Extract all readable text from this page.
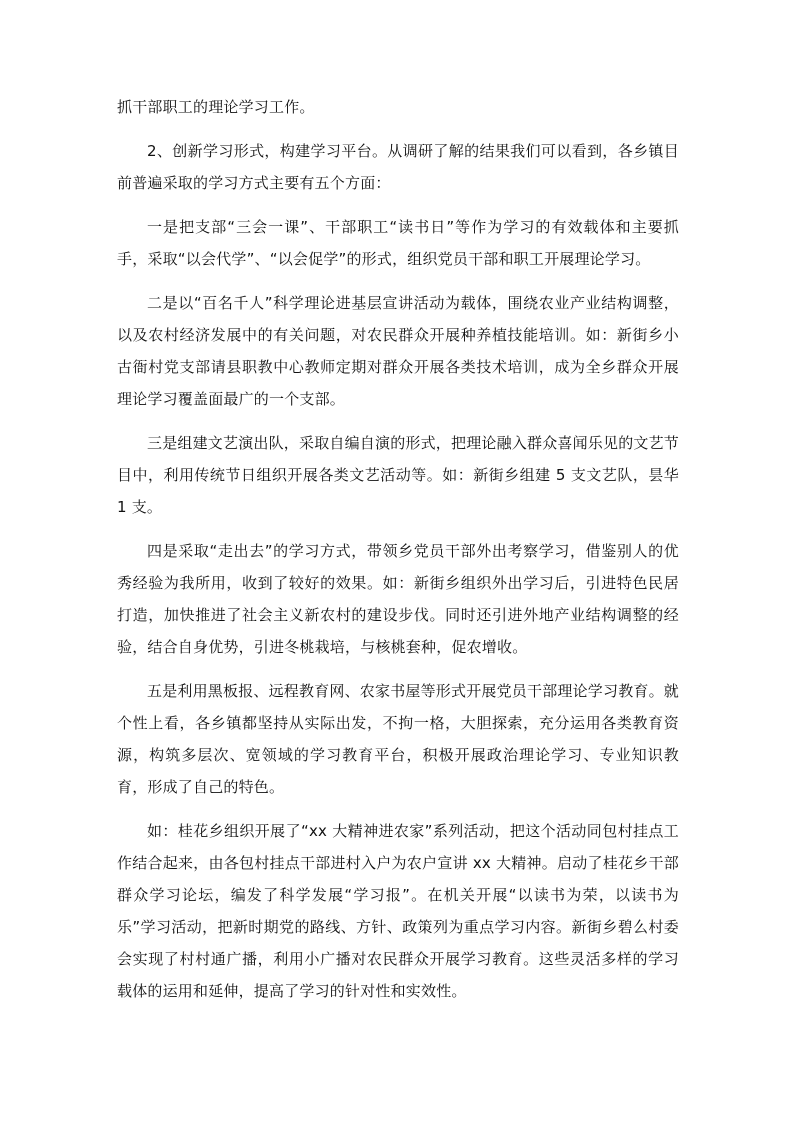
抓干部职工的理论学习工作。

2、创新学习形式，构建学习平台。从调研了解的结果我们可以看到，各乡镇目前普遍采取的学习方式主要有五个方面：

一是把支部“三会一课”、干部职工“读书日”等作为学习的有效载体和主要抓手，采取“以会代学”、“以会促学”的形式，组织党员干部和职工开展理论学习。

二是以“百名千人”科学理论进基层宣讲活动为载体，围绕农业产业结构调整，以及农村经济发展中的有关问题，对农民群众开展种养植技能培训。如：新街乡小古衙村党支部请县职教中心教师定期对群众开展各类技术培训，成为全乡群众开展理论学习覆盖面最广的一个支部。

三是组建文艺演出队，采取自编自演的形式，把理论融入群众喜闻乐见的文艺节目中，利用传统节日组织开展各类文艺活动等。如：新街乡组建 5 支文艺队，昙华 1 支。

四是采取“走出去”的学习方式，带领乡党员干部外出考察学习，借鉴别人的优秀经验为我所用，收到了较好的效果。如：新街乡组织外出学习后，引进特色民居打造，加快推进了社会主义新农村的建设步伐。同时还引进外地产业结构调整的经验，结合自身优势，引进冬桃栽培，与核桃套种，促农增收。

五是利用黑板报、远程教育网、农家书屋等形式开展党员干部理论学习教育。就个性上看，各乡镇都坚持从实际出发，不拘一格，大胆探索，充分运用各类教育资源，构筑多层次、宽领域的学习教育平台，积极开展政治理论学习、专业知识教育，形成了自己的特色。

如：桂花乡组织开展了“xx 大精神进农家”系列活动，把这个活动同包村挂点工作结合起来，由各包村挂点干部进村入户为农户宣讲 xx 大精神。启动了桂花乡干部群众学习论坛，编发了科学发展“学习报”。在机关开展“以读书为荣，以读书为乐”学习活动，把新时期党的路线、方针、政策列为重点学习内容。新街乡碧么村委会实现了村村通广播，利用小广播对农民群众开展学习教育。这些灵活多样的学习载体的运用和延伸，提高了学习的针对性和实效性。
